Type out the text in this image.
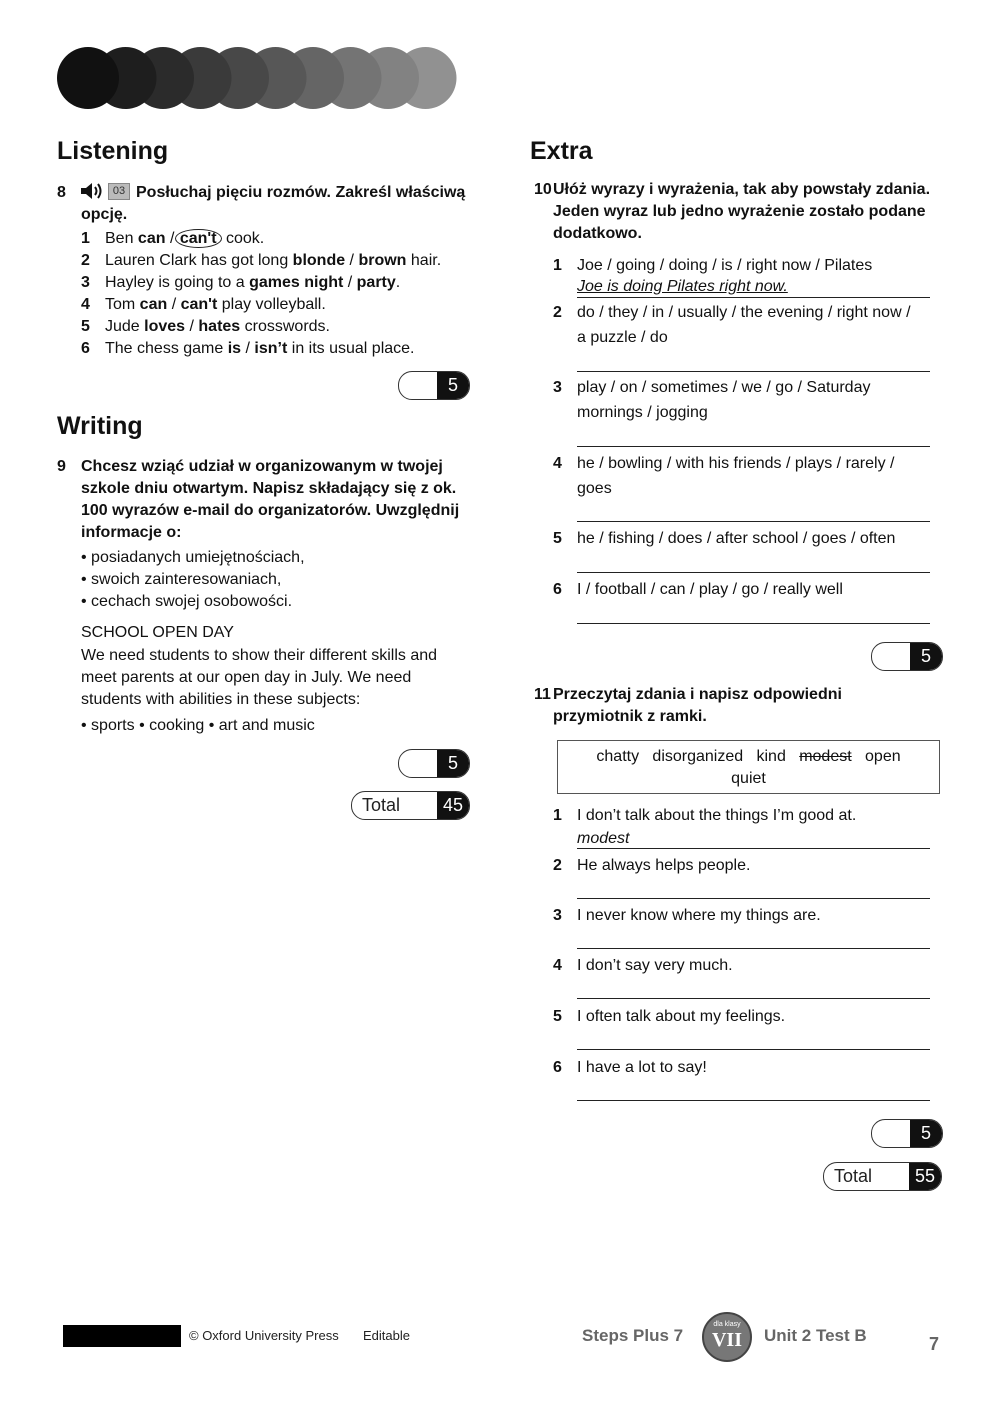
Listening
8	03 Posłuchaj pięciu rozmów. Zakreśl właściwą opcję.
1 Ben can / can't cook.
2 Lauren Clark has got long blonde / brown hair.
3 Hayley is going to a games night / party.
4 Tom can / can't play volleyball.
5 Jude loves / hates crosswords.
6 The chess game is / isn’t in its usual place.
5
Writing
9 Chcesz wziąć udział w organizowanym w twojej szkole dniu otwartym. Napisz składający się z ok. 100 wyrazów e-mail do organizatorów. Uwzględnij informacje o:
• posiadanych umiejętnościach,
• swoich zainteresowaniach,
• cechach swojej osobowości.
SCHOOL OPEN DAY
We need students to show their different skills and meet parents at our open day in July. We need students with abilities in these subjects:
• sports • cooking • art and music
5
Total	45
Extra
10 Ułóż wyrazy i wyrażenia, tak aby powstały zdania. Jeden wyraz lub jedno wyrażenie zostało podane dodatkowo.
1 Joe / going / doing / is / right now / Pilates
Joe is doing Pilates right now.
2 do / they / in / usually / the evening / right now /
a puzzle / do
3 play / on / sometimes / we / go / Saturday
mornings / jogging
4 he / bowling / with his friends / plays / rarely /
goes
5 he / fishing / does / after school / goes / often
6 I / football / can / play / go / really well
5
11 Przeczytaj zdania i napisz odpowiedni przymiotnik z ramki.
chatty disorganized kind modest open
quiet
1 I don’t talk about the things I’m good at.
modest
2 He always helps people.
3 I never know where my things are.
4 I don’t say very much.
5 I often talk about my feelings.
6 I have a lot to say!
5
Total	55
© Oxford University Press Editable	Steps Plus 7
dla klasy
VII	Unit 2 Test B	7
